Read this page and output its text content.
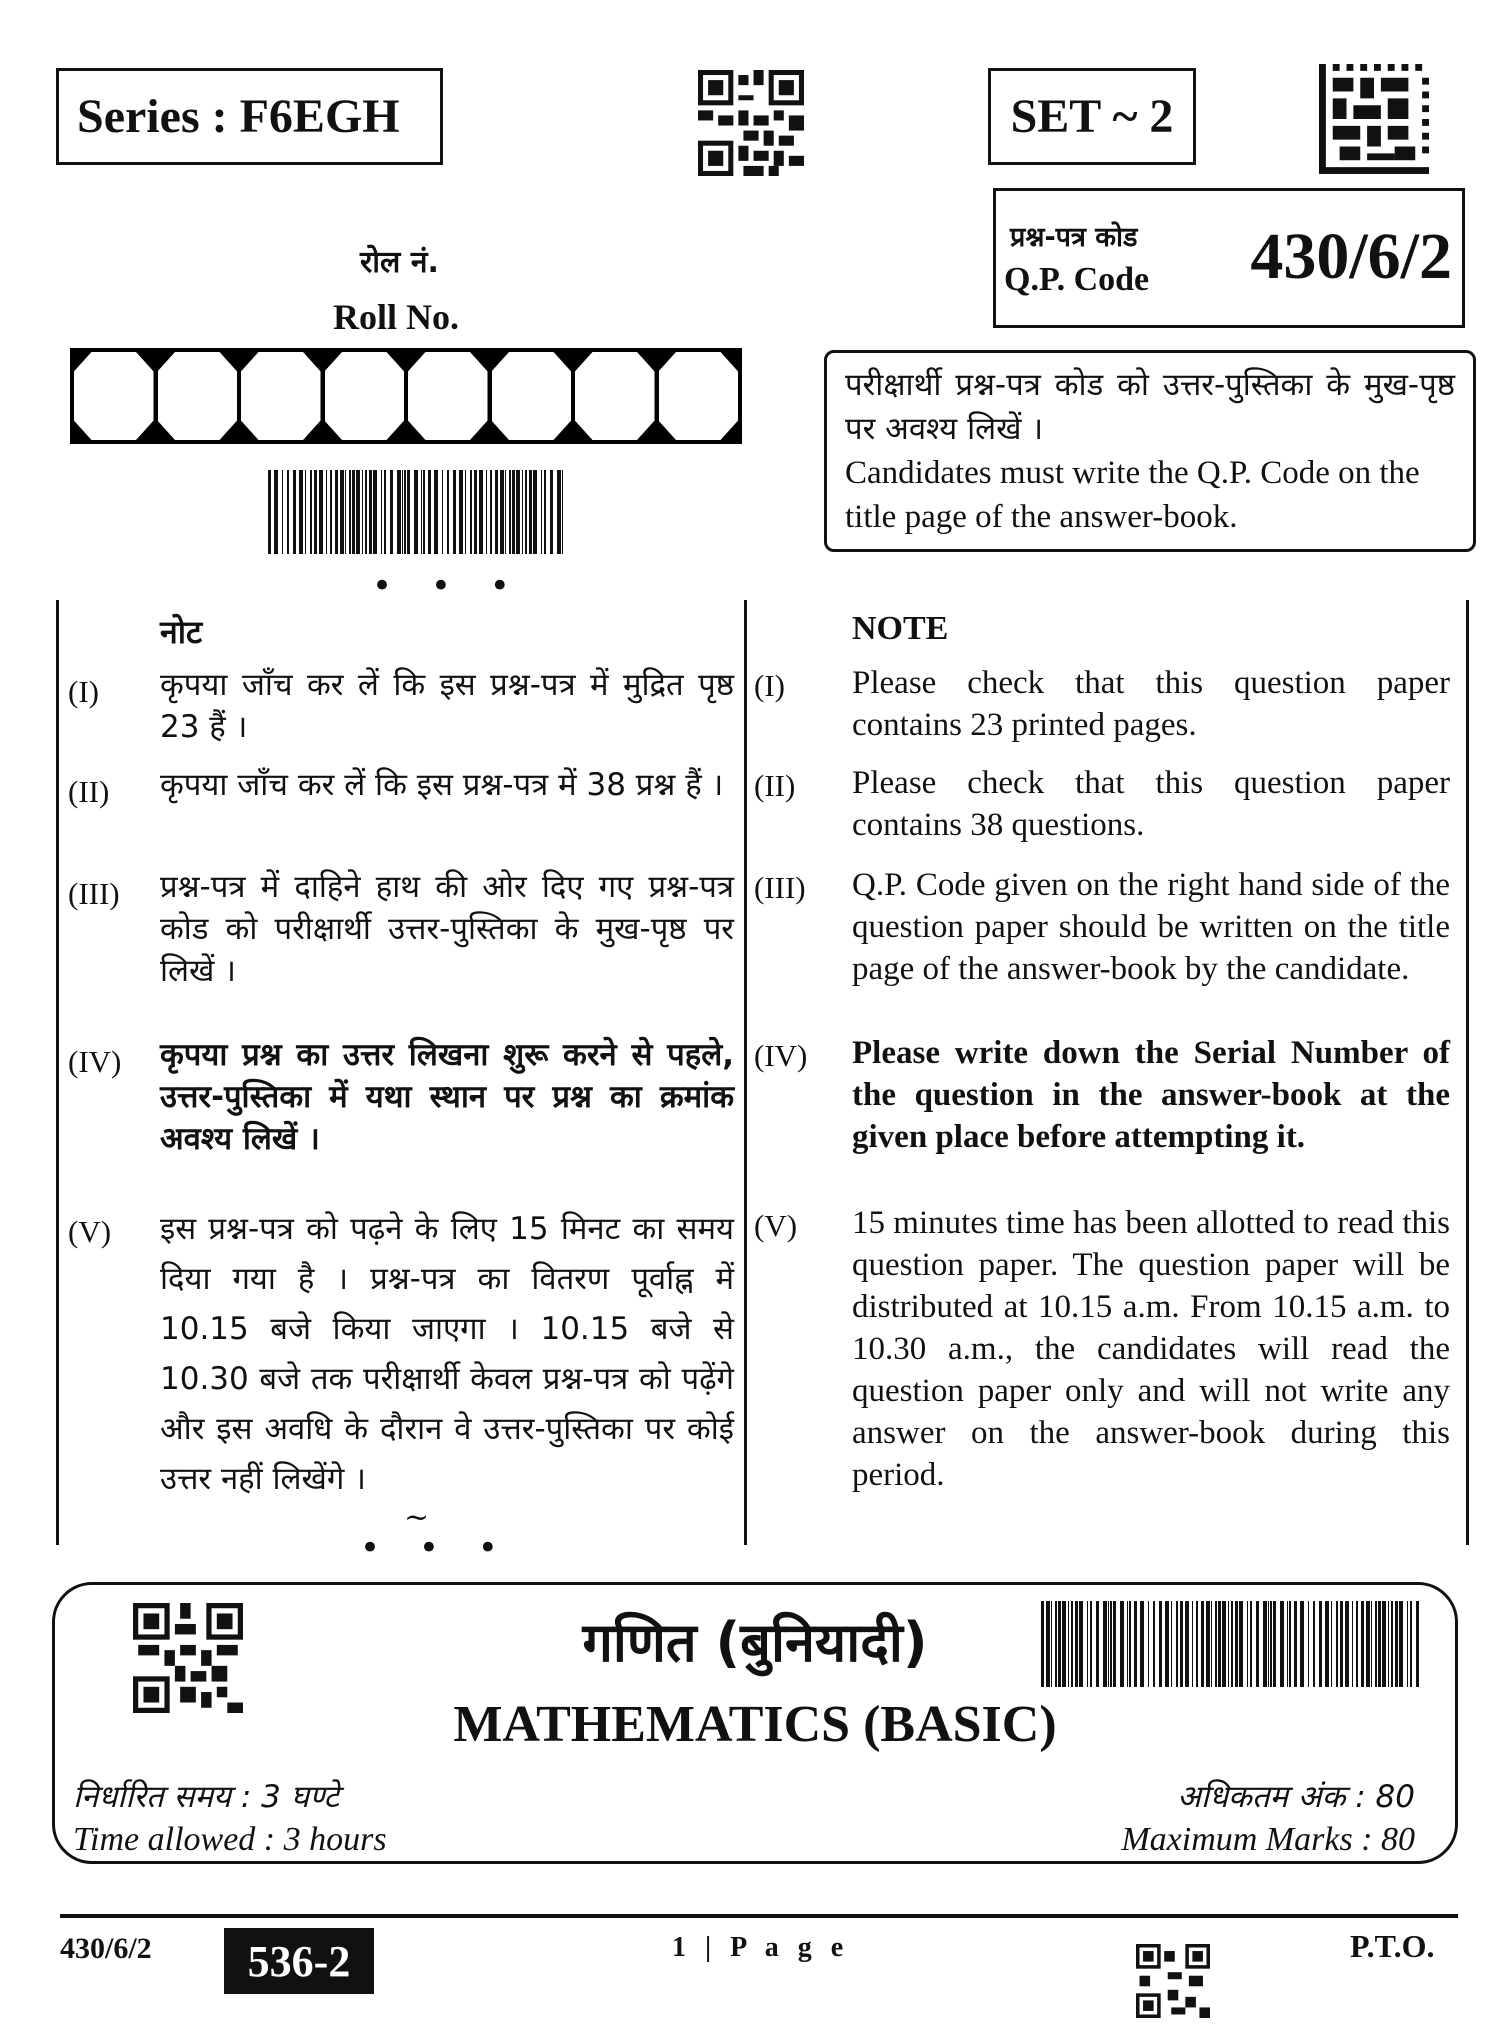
Series : F6EGH	SET ~ 2
प्रश्न-पत्र कोड
Q.P. Code 430/6/2
रोल नं.
Roll No.
परीक्षार्थी प्रश्न-पत्र कोड को उत्तर-पुस्तिका के मुख-पृष्ठ पर अवश्य लिखें ।
Candidates must write the Q.P. Code on the title page of the answer-book.
• • •
नोट	NOTE
(I) कृपया जाँच कर लें कि इस प्रश्न-पत्र में मुद्रित पृष्ठ 23 हैं ।
(I) Please check that this question paper contains 23 printed pages.
(II) कृपया जाँच कर लें कि इस प्रश्न-पत्र में 38 प्रश्न हैं । (II) Please check that this question paper contains 38 questions.
(III) प्रश्न-पत्र में दाहिने हाथ की ओर दिए गए प्रश्न-पत्र कोड को परीक्षार्थी उत्तर-पुस्तिका के मुख-पृष्ठ पर लिखें ।
(III) Q.P. Code given on the right hand side of the question paper should be written on the title page of the answer-book by the candidate.
(IV) कृपया प्रश्न का उत्तर लिखना शुरू करने से पहले, उत्तर-पुस्तिका में यथा स्थान पर प्रश्न का क्रमांक अवश्य लिखें ।
(IV) Please write down the Serial Number of the question in the answer-book at the given place before attempting it.
(V) इस प्रश्न-पत्र को पढ़ने के लिए 15 मिनट का समय दिया गया है । प्रश्न-पत्र का वितरण पूर्वाह्न में 10.15 बजे किया जाएगा । 10.15 बजे से 10.30 बजे तक परीक्षार्थी केवल प्रश्न-पत्र को पढ़ेंगे और इस अवधि के दौरान वे उत्तर-पुस्तिका पर कोई उत्तर नहीं लिखेंगे ।
(V) 15 minutes time has been allotted to read this question paper. The question paper will be distributed at 10.15 a.m. From 10.15 a.m. to 10.30 a.m., the candidates will read the question paper only and will not write any answer on the answer-book during this period.
~
• • •
गणित (बुनियादी)
MATHEMATICS (BASIC)
निर्धारित समय : 3 घण्टे
Time allowed : 3 hours
अधिकतम अंक : 80
Maximum Marks : 80
430/6/2	536-2	1 | P a g e	P.T.O.
